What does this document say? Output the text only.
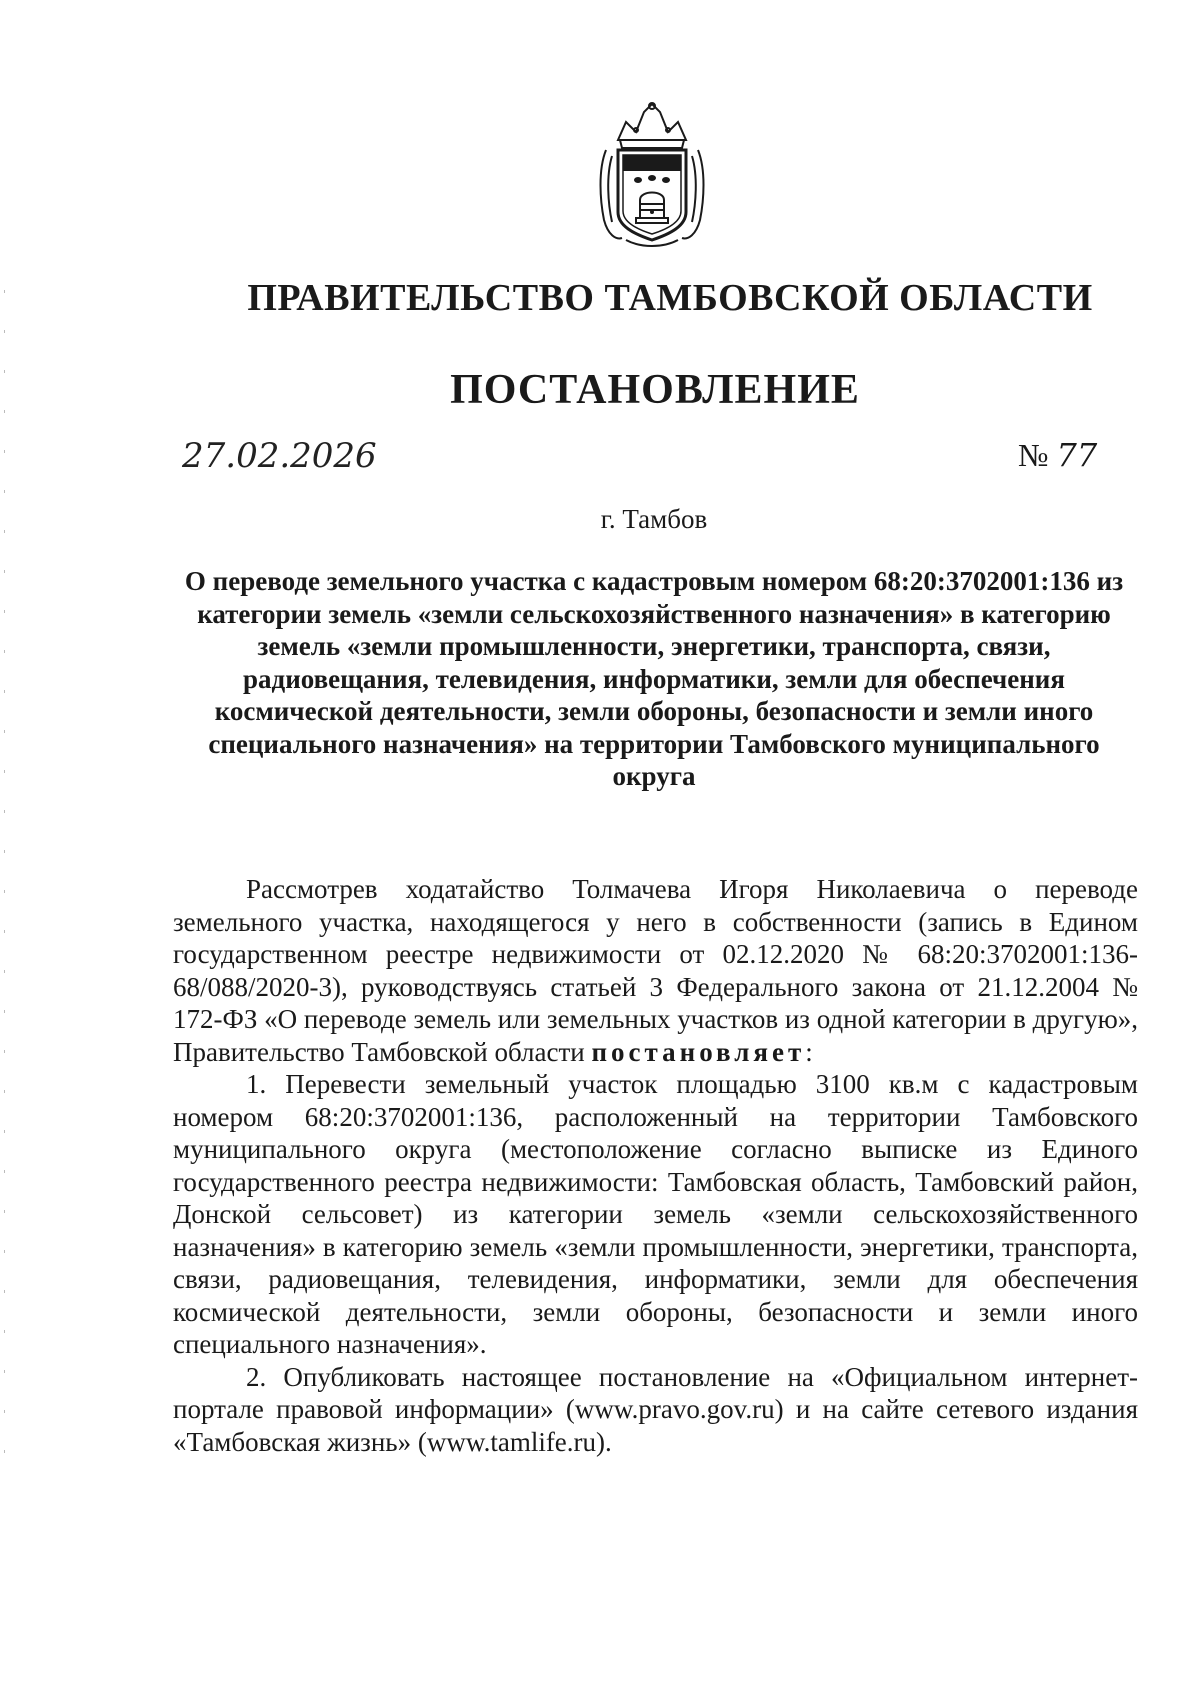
ПРАВИТЕЛЬСТВО ТАМБОВСКОЙ ОБЛАСТИ
ПОСТАНОВЛЕНИЕ
27.02.2026	№ 77
г. Тамбов
О переводе земельного участка с кадастровым номером 68:20:3702001:136 из категории земель «земли сельскохозяйственного назначения» в категорию земель «земли промышленности, энергетики, транспорта, связи, радиовещания, телевидения, информатики, земли для обеспечения космической деятельности, земли обороны, безопасности и земли иного специального назначения» на территории Тамбовского муниципального округа

Рассмотрев ходатайство Толмачева Игоря Николаевича о переводе земельного участка, находящегося у него в собственности (запись в Едином государственном реестре недвижимости от 02.12.2020 № 68:20:3702001:136-68/088/2020-3), руководствуясь статьей 3 Федерального закона от 21.12.2004 № 172-ФЗ «О переводе земель или земельных участков из одной категории в другую», Правительство Тамбовской области постановляет:

1. Перевести земельный участок площадью 3100 кв.м с кадастровым номером 68:20:3702001:136, расположенный на территории Тамбовского муниципального округа (местоположение согласно выписке из Единого государственного реестра недвижимости: Тамбовская область, Тамбовский район, Донской сельсовет) из категории земель «земли сельскохозяйственного назначения» в категорию земель «земли промышленности, энергетики, транспорта, связи, радиовещания, телевидения, информатики, земли для обеспечения космической деятельности, земли обороны, безопасности и земли иного специального назначения».

2. Опубликовать настоящее постановление на «Официальном интернет-портале правовой информации» (www.pravo.gov.ru) и на сайте сетевого издания «Тамбовская жизнь» (www.tamlife.ru).
